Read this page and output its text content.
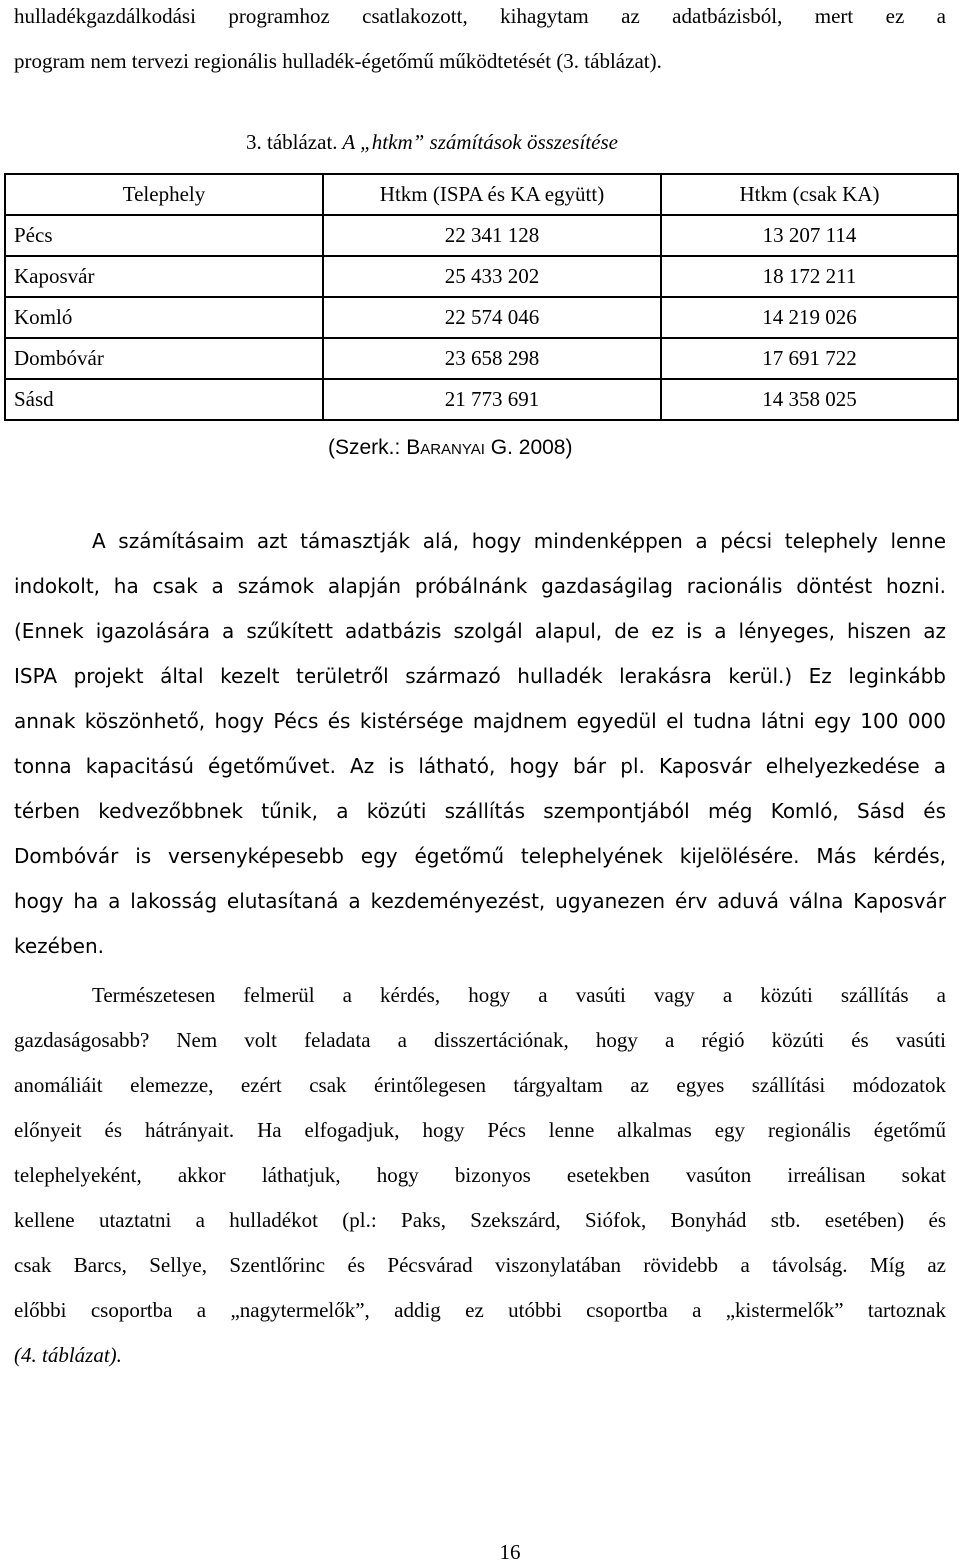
hulladékgazdálkodási programhoz csatlakozott, kihagytam az adatbázisból, mert ez a
program nem tervezi regionális hulladék-égetőmű működtetését (3. táblázat).
3. táblázat. A „htkm” számítások összesítése
Telephely	Htkm (ISPA és KA együtt)	Htkm (csak KA)
Pécs	22 341 128	13 207 114
Kaposvár	25 433 202	18 172 211
Komló	22 574 046	14 219 026
Dombóvár	23 658 298	17 691 722
Sásd	21 773 691	14 358 025
(Szerk.: Baranyai G. 2008)
A számításaim azt támasztják alá, hogy mindenképpen a pécsi telephely lenne
indokolt, ha csak a számok alapján próbálnánk gazdaságilag racionális döntést hozni.
(Ennek igazolására a szűkített adatbázis szolgál alapul, de ez is a lényeges, hiszen az
ISPA projekt által kezelt területről származó hulladék lerakásra kerül.) Ez leginkább
annak köszönhető, hogy Pécs és kistérsége majdnem egyedül el tudna látni egy 100 000
tonna kapacitású égetőművet. Az is látható, hogy bár pl. Kaposvár elhelyezkedése a
térben kedvezőbbnek tűnik, a közúti szállítás szempontjából még Komló, Sásd és
Dombóvár is versenyképesebb egy égetőmű telephelyének kijelölésére. Más kérdés,
hogy ha a lakosság elutasítaná a kezdeményezést, ugyanezen érv aduvá válna Kaposvár
kezében.
Természetesen felmerül a kérdés, hogy a vasúti vagy a közúti szállítás a
gazdaságosabb? Nem volt feladata a disszertációnak, hogy a régió közúti és vasúti
anomáliáit elemezze, ezért csak érintőlegesen tárgyaltam az egyes szállítási módozatok
előnyeit és hátrányait. Ha elfogadjuk, hogy Pécs lenne alkalmas egy regionális égetőmű
telephelyeként, akkor láthatjuk, hogy bizonyos esetekben vasúton irreálisan sokat
kellene utaztatni a hulladékot (pl.: Paks, Szekszárd, Siófok, Bonyhád stb. esetében) és
csak Barcs, Sellye, Szentlőrinc és Pécsvárad viszonylatában rövidebb a távolság. Míg az
előbbi csoportba a „nagytermelők”, addig ez utóbbi csoportba a „kistermelők” tartoznak
(4. táblázat).
16
